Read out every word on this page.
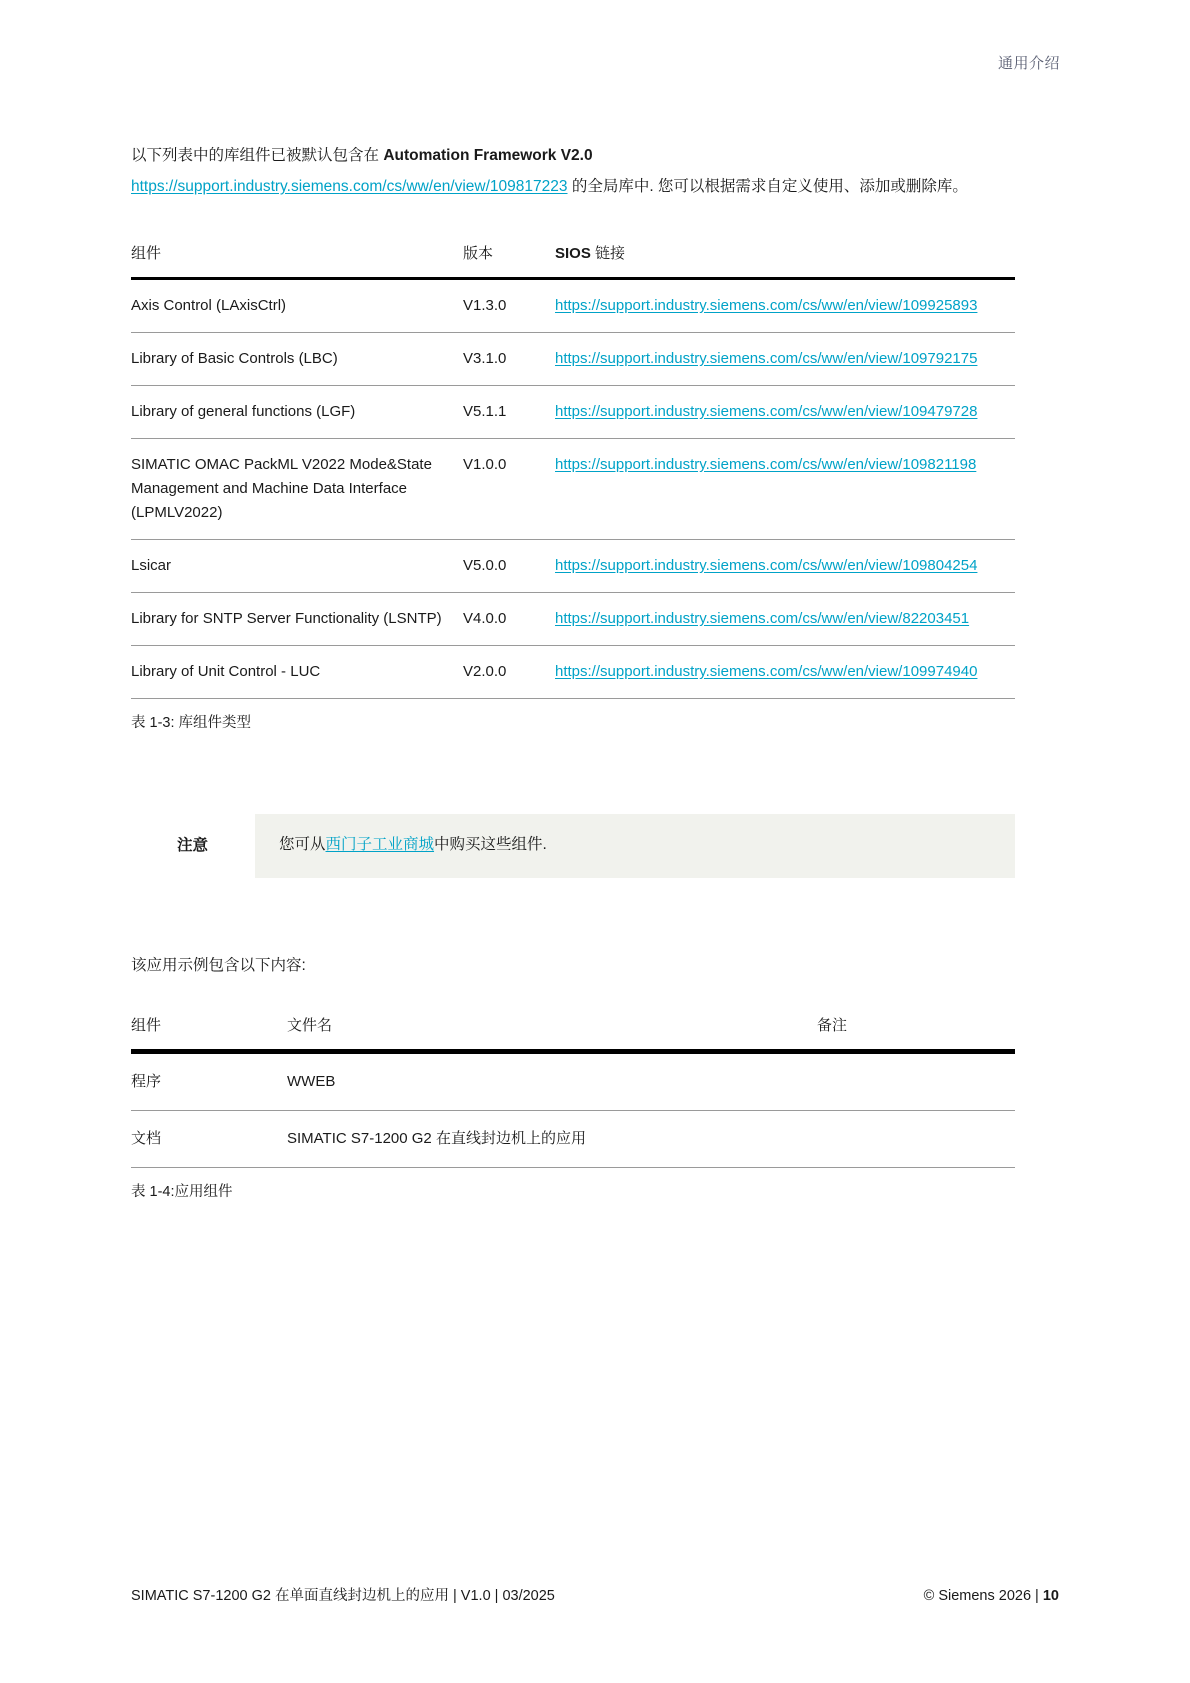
通用介绍

以下列表中的库组件已被默认包含在 Automation Framework V2.0
https://support.industry.siemens.com/cs/ww/en/view/109817223 的全局库中. 您可以根据需求自定义使用、添加或删除库。

组件	版本	SIOS 链接
Axis Control (LAxisCtrl)	V1.3.0	https://support.industry.siemens.com/cs/ww/en/view/109925893
Library of Basic Controls (LBC)	V3.1.0	https://support.industry.siemens.com/cs/ww/en/view/109792175
Library of general functions (LGF)	V5.1.1	https://support.industry.siemens.com/cs/ww/en/view/109479728
SIMATIC OMAC PackML V2022 Mode&State Management and Machine Data Interface (LPMLV2022)	V1.0.0	https://support.industry.siemens.com/cs/ww/en/view/109821198
Lsicar	V5.0.0	https://support.industry.siemens.com/cs/ww/en/view/109804254
Library for SNTP Server Functionality (LSNTP)	V4.0.0	https://support.industry.siemens.com/cs/ww/en/view/82203451
Library of Unit Control - LUC	V2.0.0	https://support.industry.siemens.com/cs/ww/en/view/109974940
表 1-3: 库组件类型
注意	您可从西门子工业商城中购买这些组件.

该应用示例包含以下内容:

组件	文件名	备注
程序	WWEB	
文档	SIMATIC S7-1200 G2 在直线封边机上的应用	
表 1-4:应用组件
SIMATIC S7-1200 G2 在单面直线封边机上的应用 | V1.0 | 03/2025	© Siemens 2026 | 10
